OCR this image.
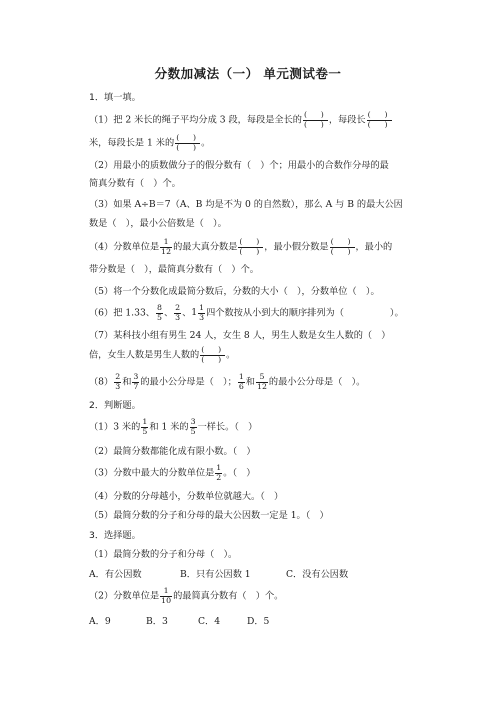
分数加减法（一） 单元测试卷一
1．填一填。
（1）把 2 米长的绳子平均分成 3 段，每段是全长的 $\frac{( )}{( )}$ ，每段长 $\frac{( )}{( )}$
米，每段长是 1 米的 $\frac{( )}{( )}$ 。
（2）用最小的质数做分子的假分数有（　）个；用最小的合数作分母的最
简真分数有（　）个。
（3）如果 A÷B＝7（A、B 均是不为 0 的自然数），那么 A 与 B 的最大公因
数是（　），最小公倍数是（　）。
（4）分数单位是 $\frac{1}{12}$ 的最大真分数是 $\frac{( )}{( )}$ ，最小假分数是 $\frac{( )}{( )}$ ，最小的
带分数是（　），最简真分数有（　）个。
（5）将一个分数化成最简分数后，分数的大小（　），分数单位（　）。
（6）把 1.33、 $\frac{8}{5}$ 、 $\frac{2}{3}$ 、$1 \frac{1}{3}$ 四个数按从小到大的顺序排列为（　　　　　）。
（7）某科技小组有男生 24 人，女生 8 人，男生人数是女生人数的（　）
倍，女生人数是男生人数的 $\frac{( )}{( )}$ 。
$(8) \frac{2}{3}$ 和 $\frac{3}{7}$ 的最小公分母是（　）； $\frac{1}{6}$ 和 $\frac{5}{12}$ 的最小公分母是（　）。
2．判断题。
（1）3 米的 $\frac{1}{5}$ 和 1 米的 $\frac{3}{5}$ 一样长。（　）
（2）最简分数都能化成有限小数。（　）
（3）分数中最大的分数单位是 $\frac{1}{2}$ 。（　）
（4）分数的分母越小，分数单位就越大。（　）
（5）最简分数的分子和分母的最大公因数一定是 1。（　）
3．选择题。
（1）最简分数的分子和分母（　）。
A．有公因数	B．只有公因数 1	C．没有公因数
（2）分数单位是 $\frac{1}{10}$ 的最简真分数有（　）个。
A．9	B．3	C．4	D．5
